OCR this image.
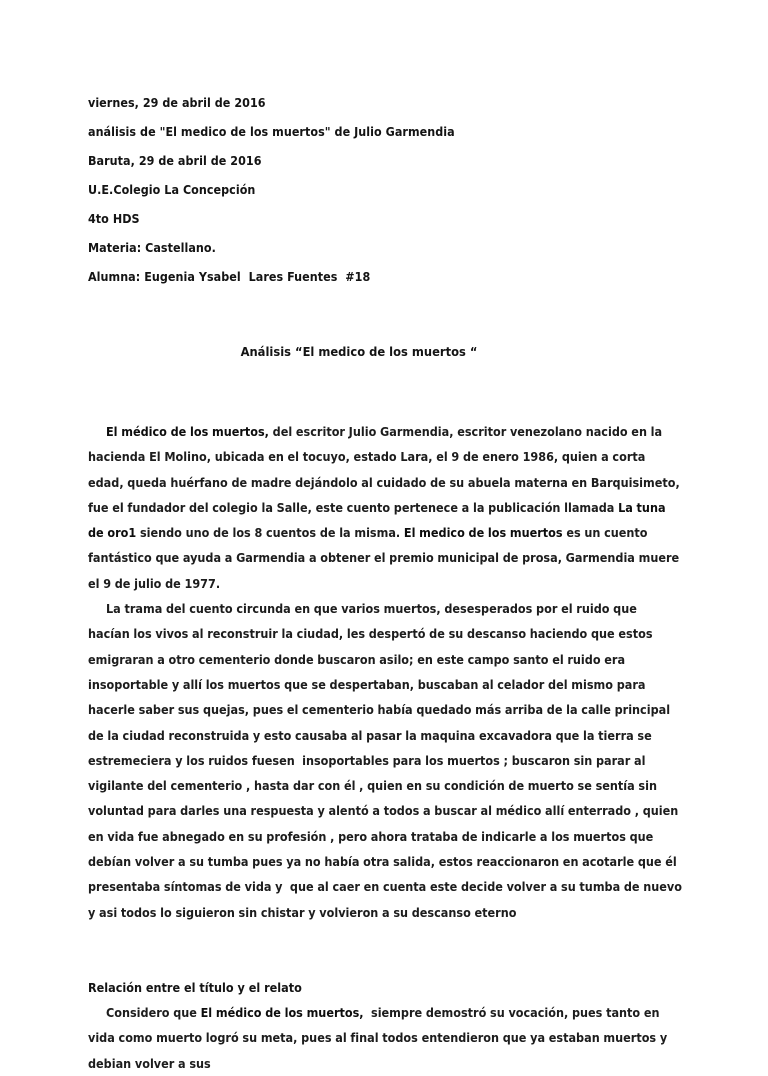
viernes, 29 de abril de 2016
análisis de "El medico de los muertos" de Julio Garmendia
Baruta, 29 de abril de 2016
U.E.Colegio La Concepción
4to HDS
Materia: Castellano.
Alumna: Eugenia Ysabel  Lares Fuentes  #18
Análisis “El medico de los muertos “

El médico de los muertos, del escritor Julio Garmendia, escritor venezolano nacido en la hacienda El Molino, ubicada en el tocuyo, estado Lara, el 9 de enero 1986, quien a corta edad, queda huérfano de madre dejándolo al cuidado de su abuela materna en Barquisimeto, fue el fundador del colegio la Salle, este cuento pertenece a la publicación llamada La tuna de oro1 siendo uno de los 8 cuentos de la misma. El medico de los muertos es un cuento fantástico que ayuda a Garmendia a obtener el premio municipal de prosa, Garmendia muere el 9 de julio de 1977.

La trama del cuento circunda en que varios muertos, desesperados por el ruido que hacían los vivos al reconstruir la ciudad, les despertó de su descanso haciendo que estos emigraran a otro cementerio donde buscaron asilo; en este campo santo el ruido era insoportable y allí los muertos que se despertaban, buscaban al celador del mismo para hacerle saber sus quejas, pues el cementerio había quedado más arriba de la calle principal de la ciudad reconstruida y esto causaba al pasar la maquina excavadora que la tierra se estremeciera y los ruidos fuesen  insoportables para los muertos ; buscaron sin parar al vigilante del cementerio , hasta dar con él , quien en su condición de muerto se sentía sin voluntad para darles una respuesta y alentó a todos a buscar al médico allí enterrado , quien en vida fue abnegado en su profesión , pero ahora trataba de indicarle a los muertos que debían volver a su tumba pues ya no había otra salida, estos reaccionaron en acotarle que él presentaba síntomas de vida y  que al caer en cuenta este decide volver a su tumba de nuevo y asi todos lo siguieron sin chistar y volvieron a su descanso eterno

Relación entre el título y el relato

Considero que El médico de los muertos,  siempre demostró su vocación, pues tanto en vida como muerto logró su meta, pues al final todos entendieron que ya estaban muertos y debian volver a sus
